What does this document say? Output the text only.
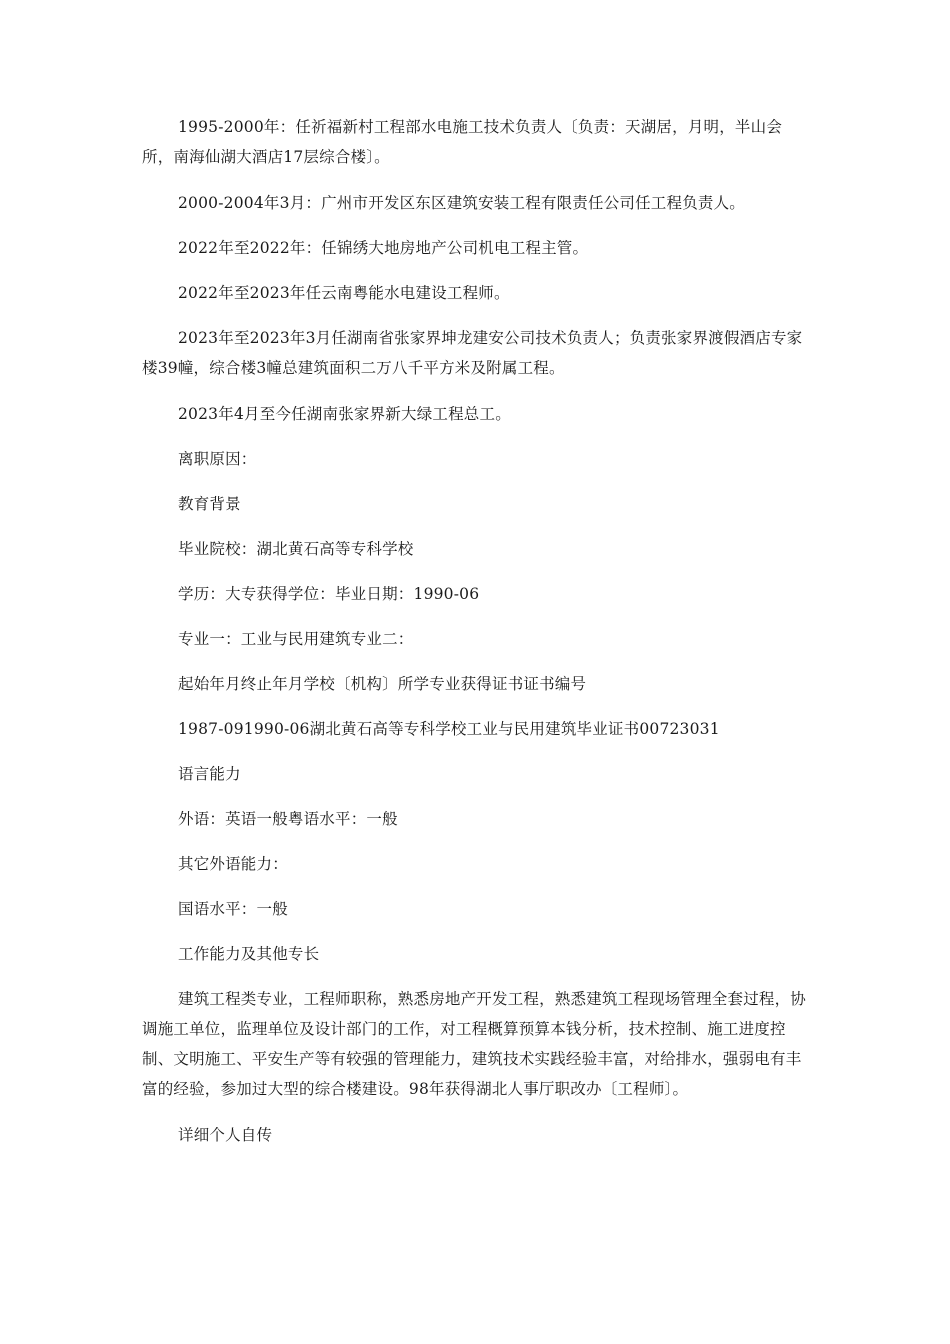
1995-2000年：任祈福新村工程部水电施工技术负责人〔负责：天湖居，月明，半山会所，南海仙湖大酒店17层综合楼〕。

2000-2004年3月：广州市开发区东区建筑安装工程有限责任公司任工程负责人。

2022年至2022年：任锦绣大地房地产公司机电工程主管。

2022年至2023年任云南粤能水电建设工程师。

2023年至2023年3月任湖南省张家界坤龙建安公司技术负责人；负责张家界渡假酒店专家楼39幢，综合楼3幢总建筑面积二万八千平方米及附属工程。

2023年4月至今任湖南张家界新大绿工程总工。

离职原因：

教育背景

毕业院校：湖北黄石高等专科学校

学历：大专获得学位：毕业日期：1990-06

专业一：工业与民用建筑专业二：

起始年月终止年月学校〔机构〕所学专业获得证书证书编号

1987-091990-06湖北黄石高等专科学校工业与民用建筑毕业证书00723031

语言能力

外语：英语一般粤语水平：一般

其它外语能力：

国语水平：一般

工作能力及其他专长

建筑工程类专业，工程师职称，熟悉房地产开发工程，熟悉建筑工程现场管理全套过程，协调施工单位，监理单位及设计部门的工作，对工程概算预算本钱分析，技术控制、施工进度控制、文明施工、平安生产等有较强的管理能力，建筑技术实践经验丰富，对给排水，强弱电有丰富的经验，参加过大型的综合楼建设。98年获得湖北人事厅职改办〔工程师〕。

详细个人自传
